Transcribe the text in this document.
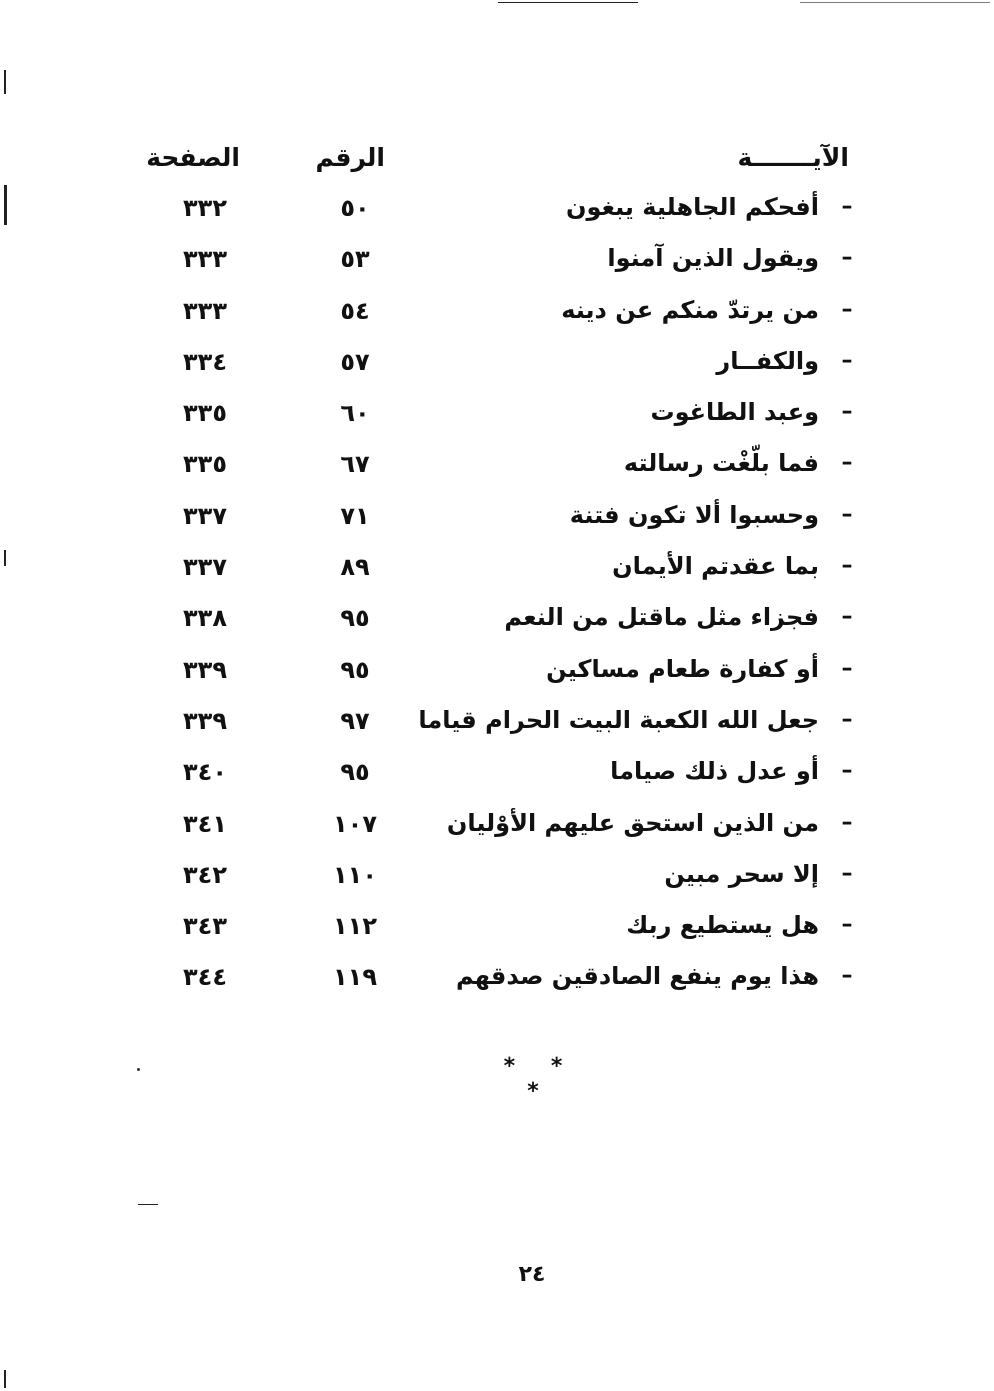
الآيـــــــة
الرقم
الصفحة
–
أفحكم الجاهلية يبغون
٥٠
٣٣٢
–
ويقول الذين آمنوا
٥٣
٣٣٣
–
من يرتدّ منكم عن دينه
٥٤
٣٣٣
–
والكفــار
٥٧
٣٣٤
–
وعبد الطاغوت
٦٠
٣٣٥
–
فما بلّغْت رسالته
٦٧
٣٣٥
–
وحسبوا ألا تكون فتنة
٧١
٣٣٧
–
بما عقدتم الأيمان
٨٩
٣٣٧
–
فجزاء مثل ماقتل من النعم
٩٥
٣٣٨
–
أو كفارة طعام مساكين
٩٥
٣٣٩
–
جعل الله الكعبة البيت الحرام قياما
٩٧
٣٣٩
–
أو عدل ذلك صياما
٩٥
٣٤٠
–
من الذين استحق عليهم الأوْليان
١٠٧
٣٤١
–
إلا سحر مبين
١١٠
٣٤٢
–
هل يستطيع ربك
١١٢
٣٤٣
–
هذا يوم ينفع الصادقين صدقهم
١١٩
٣٤٤
* * *
٢٤
